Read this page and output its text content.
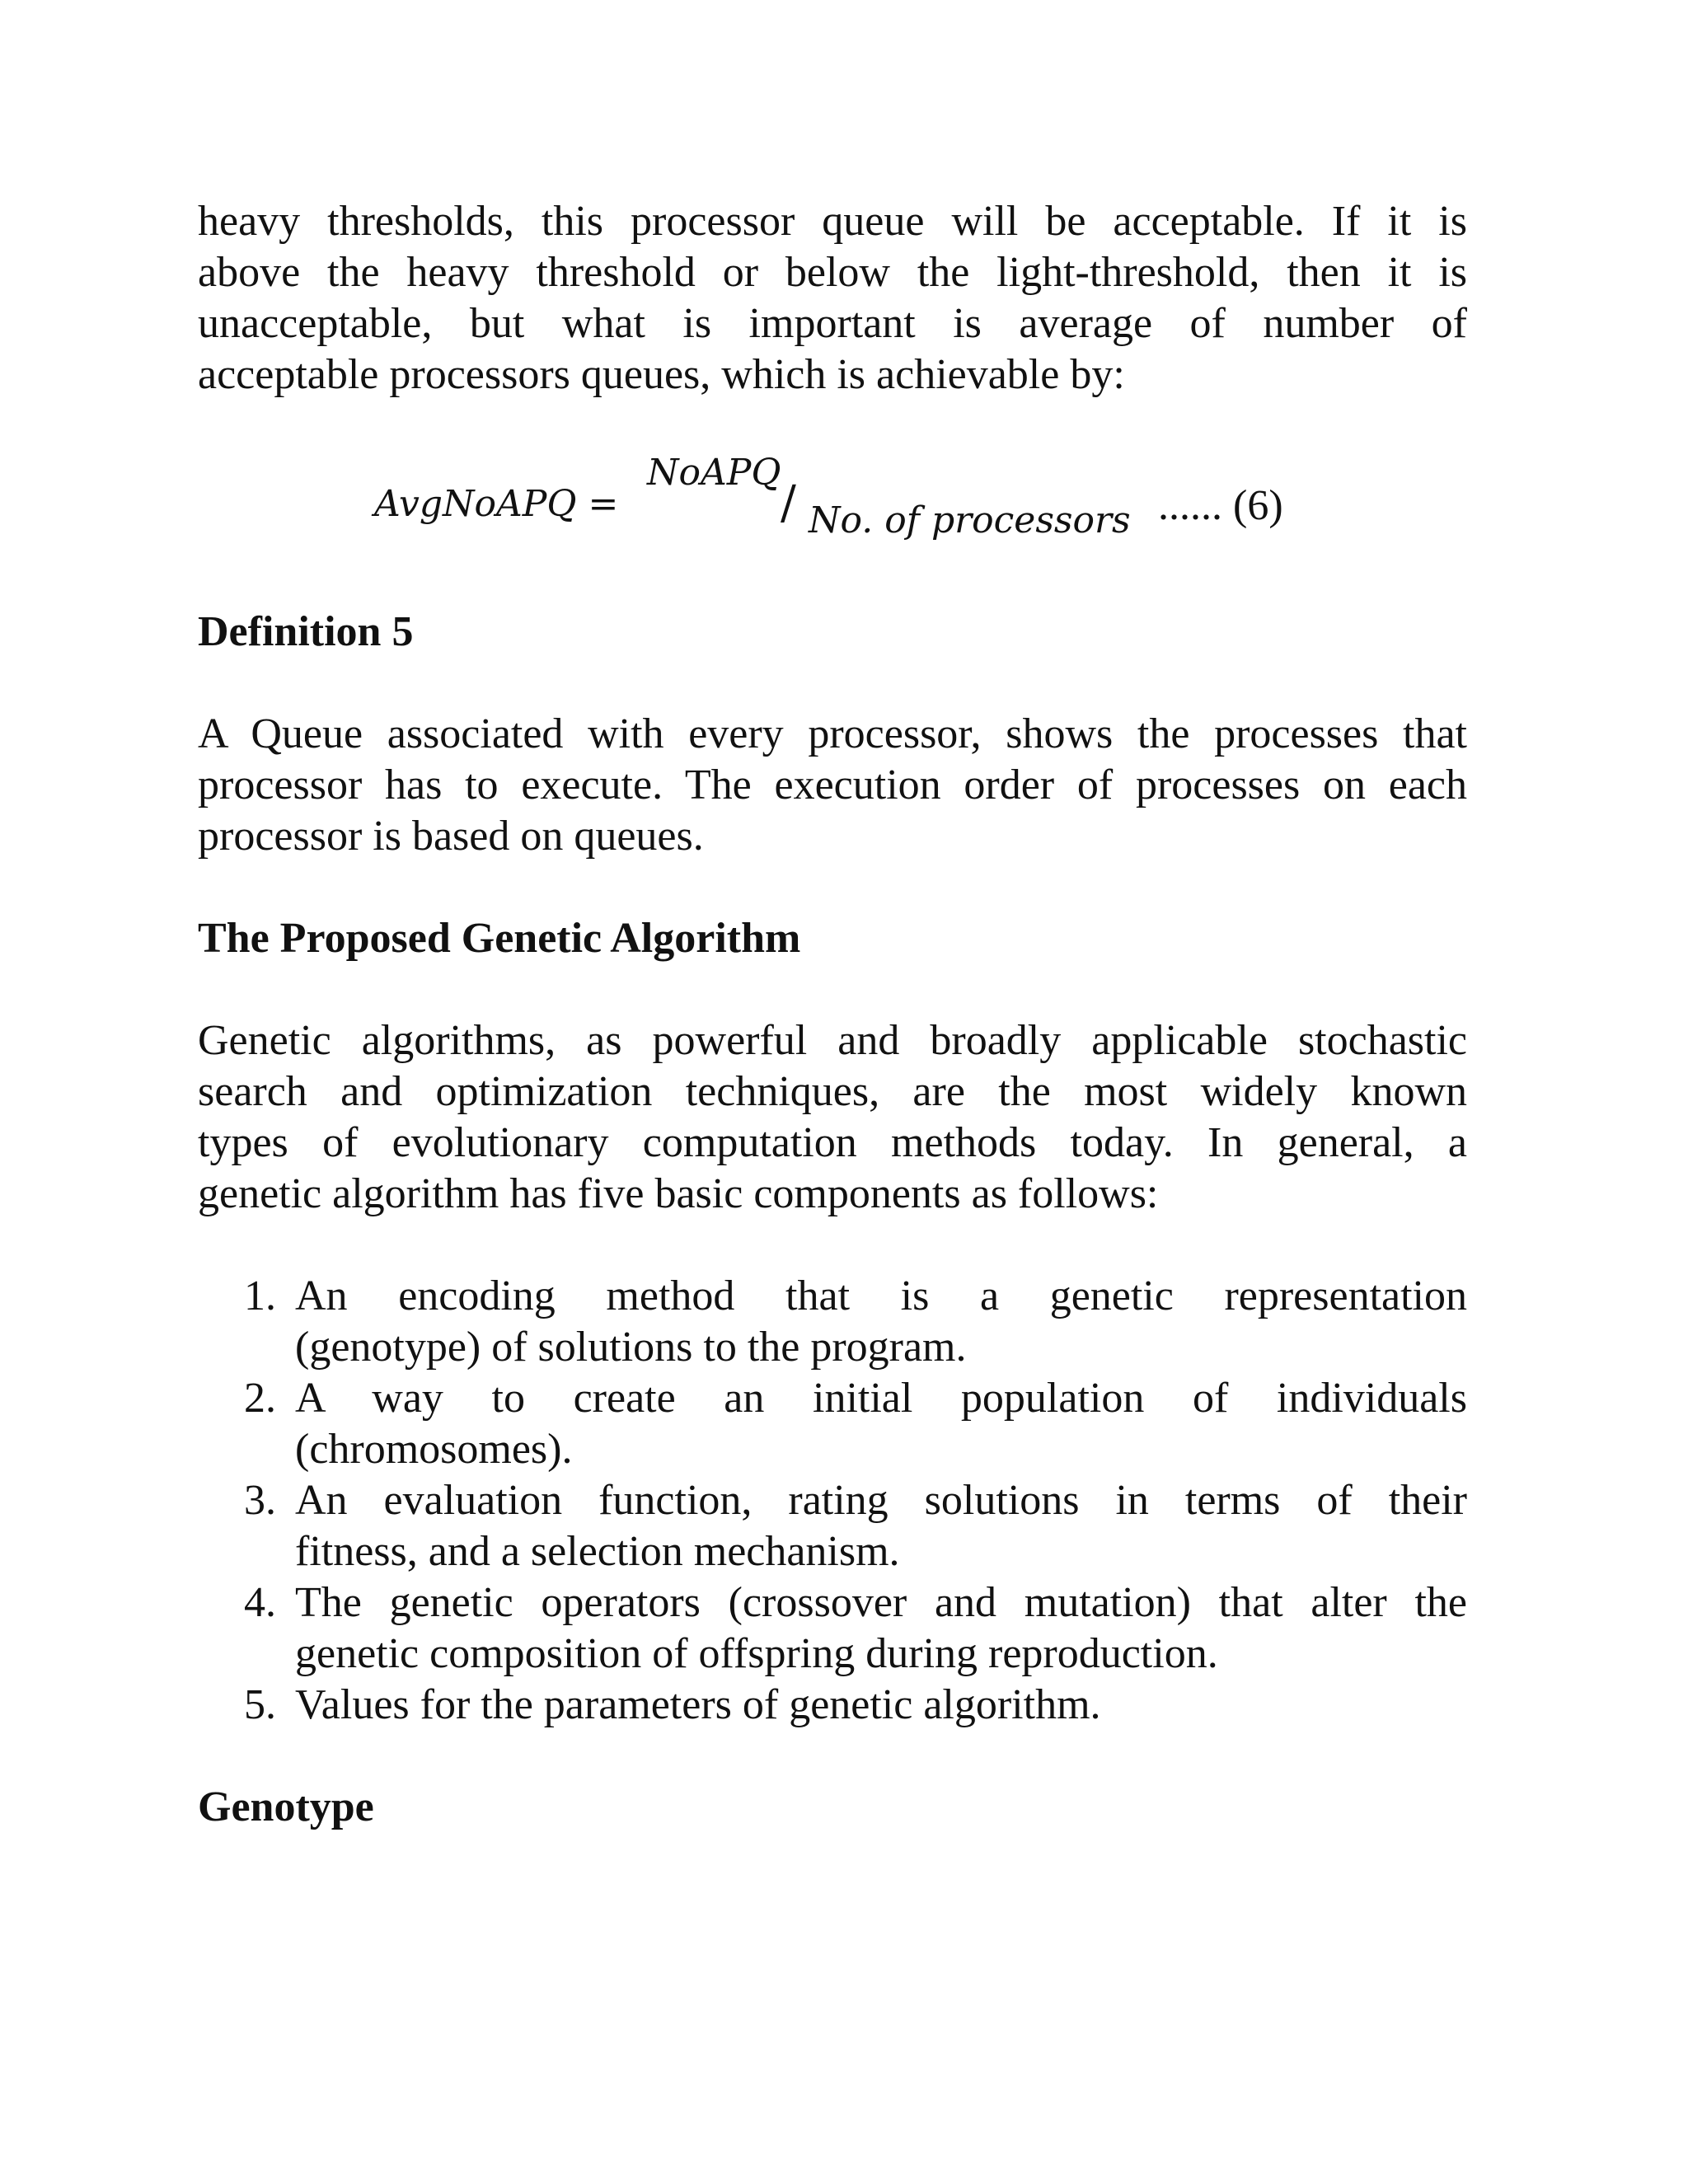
heavy thresholds, this processor queue will be acceptable. If it is
above the heavy threshold or below the light-threshold, then it is
unacceptable, but what is important is average of number of
acceptable processors queues, which is achievable by:

AvgNoAPQ =
NoAPQ
/ No. of processors ...... (6)
Definition 5

A Queue associated with every processor, shows the processes that
processor has to execute. The execution order of processes on each
processor is based on queues.

The Proposed Genetic Algorithm

Genetic algorithms, as powerful and broadly applicable stochastic
search and optimization techniques, are the most widely known
types of evolutionary computation methods today. In general, a
genetic algorithm has five basic components as follows:

1. An encoding method that is a genetic representation
(genotype) of solutions to the program.
2. A way to create an initial population of individuals
(chromosomes).
3. An evaluation function, rating solutions in terms of their
fitness, and a selection mechanism.
4. The genetic operators (crossover and mutation) that alter the
genetic composition of offspring during reproduction.
5. Values for the parameters of genetic algorithm.
Genotype
